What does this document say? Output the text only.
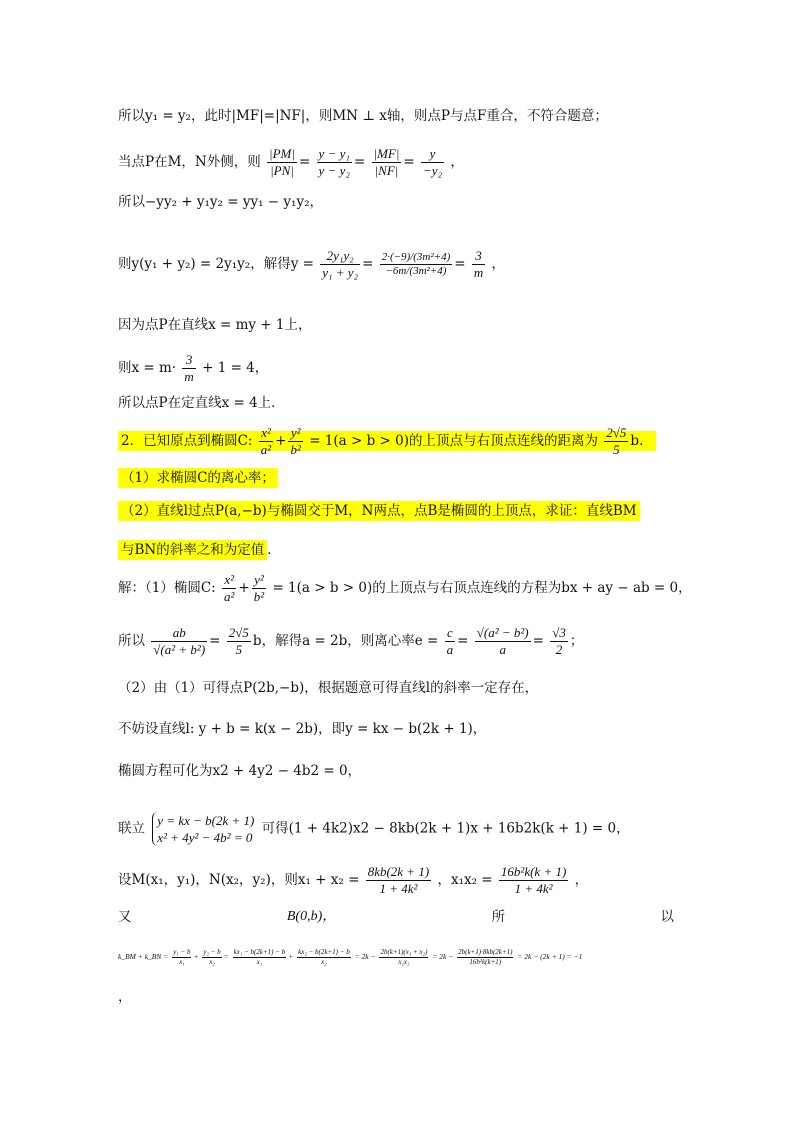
所以y₁ = y₂，此时|MF|=|NF|，则MN ⊥ x轴，则点P与点F重合，不符合题意；
当点P在M，N外侧，则 $\frac{|PM|}{|PN|} = \frac{\text{y − y₁}}{\text{y − y₂}} = \frac{|MF|}{|NF|} = \frac{y}{\text{−y₂}}$ ，
所以−yy₂ + y₁y₂ = yy₁ − y₁y₂，
则y(y₁ + y₂) = 2y₁y₂，解得$y = \frac{\text{2y₁y₂}}{\text{y₁ + y₂}} = \frac{\text{2·(−9)/(3m²+4)}}{\text{−6m/(3m²+4)}} = \frac{3}{m}$ ，
因为点P在直线x = my + 1上，
则$x = m\cdot \frac{3}{m} + 1 = 4$，
所以点P在定直线x = 4上．
2．已知原点到椭圆C: $\frac{\text{x²}}{\text{a²}} + \frac{\text{y²}}{\text{b²}} = 1(a > b > 0)$的上顶点与右顶点连线的距离为 $\frac{2√5}{5}$ b．
（1）求椭圆C的离心率；
（2）直线l过点P(a,−b)与椭圆交于M，N两点，点B是椭圆的上顶点，求证：直线BM
与BN的斜率之和为定值 ．
解：（1）椭圆C: $\frac{\text{x²}}{\text{a²}} + \frac{\text{y²}}{\text{b²}} = 1(a > b > 0)$的上顶点与右顶点连线的方程为bx + ay − ab = 0，
所以 $\frac{ab}{\text{√(a² + b²)}} = \frac{2√5}{5}$ b，解得a = 2b，则离心率$e = \frac{c}{a} = \frac{\text{√(a² − b²)}}{a} = \frac{√3}{2}$ ；
（2）由（1）可得点P(2b,−b)，根据题意可得直线l的斜率一定存在，
不妨设直线l: y + b = k(x − 2b)，即y = kx − b(2k + 1)，
椭圆方程可化为x2 + 4y2 − 4b2 = 0，
联立 y = kx − b(2k + 1)
x² + 4y² − 4b² = 0
可得(1 + 4k2)x2 − 8kb(2k + 1)x + 16b2k(k + 1) = 0，
设M(x₁，y₁)，N(x₂，y₂)，则$x_1 + x_2 = \frac{8kb(2k + 1)}{\text{1 + 4k²}}$ ，$x_1x_2 = \frac{\text{16b²k(k + 1)}}{\text{1 + 4k²}}$ ，
又	B(0,b)，	所	以
k_BM + k_BN = $\frac{\text{y₁ − b}}{\text{x₁}} + \frac{\text{y₂ − b}}{\text{x₂}} = \frac{\text{kx₁ − b(2k+1) − b}}{\text{x₁}} + \frac{\text{kx₂ − b(2k+1) − b}}{\text{x₂}} = 2k - \frac{\text{2b(k+1)(x₁ + x₂)}}{\text{x₁x₂}} = 2k - \frac{2b(k+1)\cdot 8kb(2k+1)}{\text{16b²k(k+1)}} = 2k - (2k + 1) = -1$
，
